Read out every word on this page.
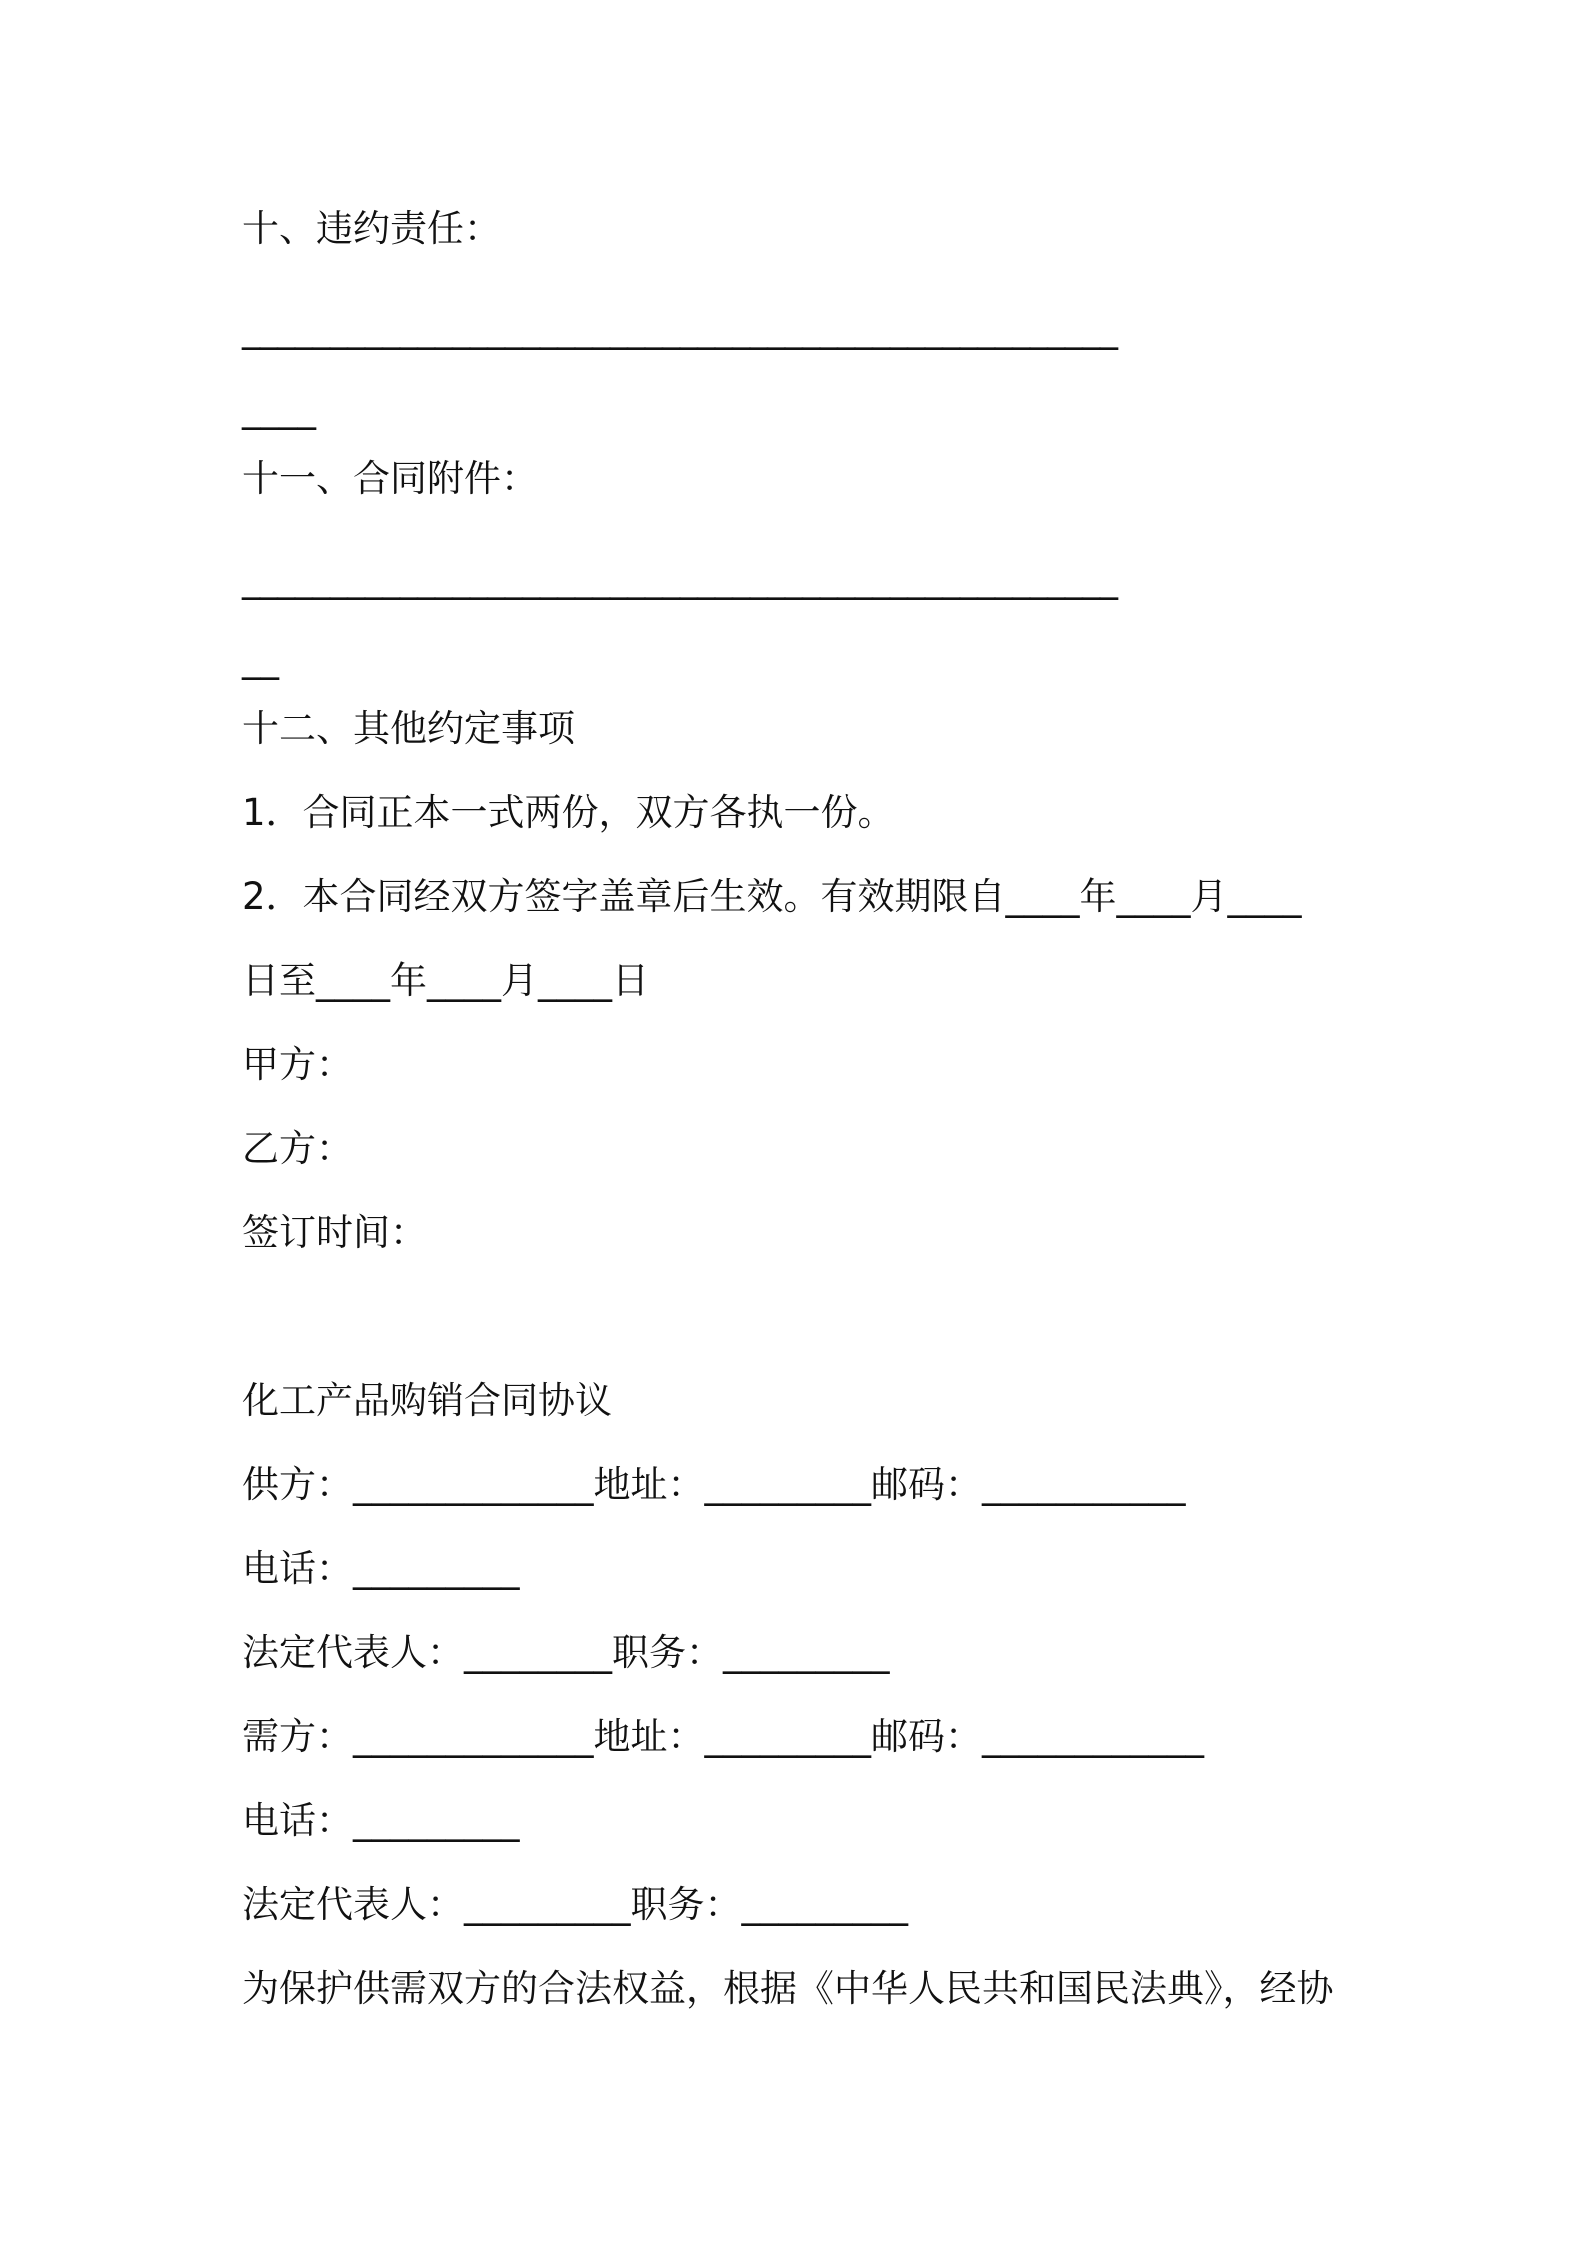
十、违约责任：
__________________________________________________
____
十一、合同附件：
__________________________________________________
__
十二、其他约定事项
1．合同正本一式两份，双方各执一份。
2．本合同经双方签字盖章后生效。有效期限自____年____月____
日至____年____月____日
甲方：
乙方：
签订时间：
化工产品购销合同协议
供方：_____________地址：_________邮码：___________
电话：_________
法定代表人：________职务：_________
需方：_____________地址：_________邮码：____________
电话：_________
法定代表人：_________职务：_________
为保护供需双方的合法权益，根据《中华人民共和国民法典》，经协
